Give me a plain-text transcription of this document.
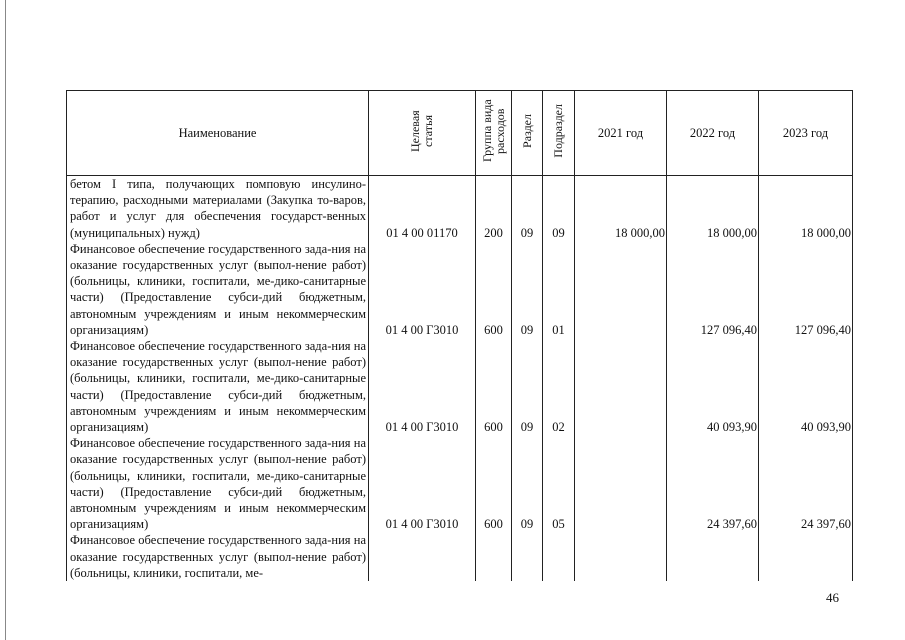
Наименование	Целевая статья	Группа вида расходов	Раздел	Подраздел	2021 год	2022 год	2023 год
бетом I типа, получающих помповую инсулино-терапию, расходными материалами (Закупка то-варов, работ и услуг для обеспечения государст-венных (муниципальных) нужд)	01 4 00 01170	200	09	09	18 000,00	18 000,00	18 000,00
Финансовое обеспечение государственного зада-ния на оказание государственных услуг (выпол-нение работ) (больницы, клиники, госпитали, ме-дико-санитарные части) (Предоставление субси-дий бюджетным, автономным учреждениям и иным некоммерческим организациям)	01 4 00 Г3010	600	09	01		127 096,40	127 096,40
Финансовое обеспечение государственного зада-ния на оказание государственных услуг (выпол-нение работ) (больницы, клиники, госпитали, ме-дико-санитарные части) (Предоставление субси-дий бюджетным, автономным учреждениям и иным некоммерческим организациям)	01 4 00 Г3010	600	09	02		40 093,90	40 093,90
Финансовое обеспечение государственного зада-ния на оказание государственных услуг (выпол-нение работ) (больницы, клиники, госпитали, ме-дико-санитарные части) (Предоставление субси-дий бюджетным, автономным учреждениям и иным некоммерческим организациям)	01 4 00 Г3010	600	09	05		24 397,60	24 397,60
Финансовое обеспечение государственного зада-ния на оказание государственных услуг (выпол-нение работ) (больницы, клиники, госпитали, ме-							
46
